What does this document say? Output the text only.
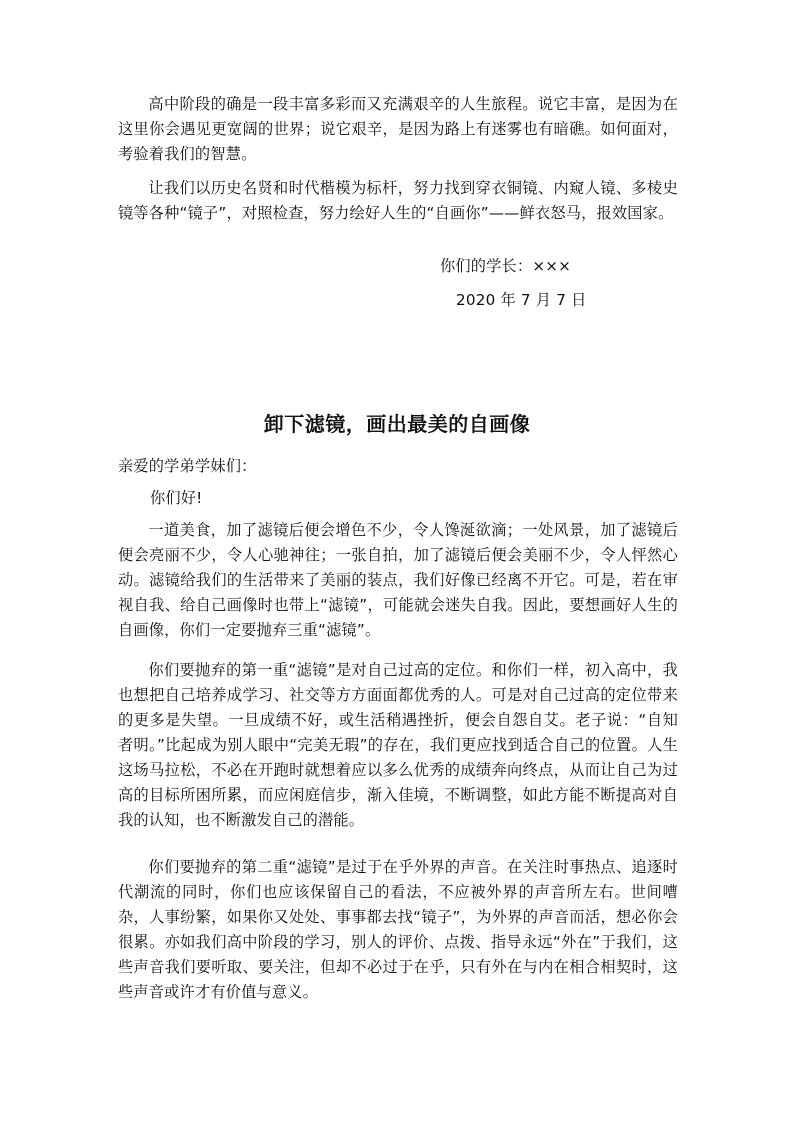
高中阶段的确是一段丰富多彩而又充满艰辛的人生旅程。说它丰富，是因为在这里你会遇见更宽阔的世界；说它艰辛，是因为路上有迷雾也有暗礁。如何面对，考验着我们的智慧。

让我们以历史名贤和时代楷模为标杆，努力找到穿衣铜镜、内窥人镜、多棱史镜等各种“镜子”，对照检查，努力绘好人生的“自画你”——鲜衣怒马，报效国家。

你们的学长：×××
2020 年 7 月 7 日
卸下滤镜，画出最美的自画像
亲爱的学弟学妹们：
你们好!

一道美食，加了滤镜后便会增色不少，令人馋涎欲滴；一处风景，加了滤镜后便会亮丽不少，令人心驰神往；一张自拍，加了滤镜后便会美丽不少，令人怦然心动。滤镜给我们的生活带来了美丽的装点，我们好像已经离不开它。可是，若在审视自我、给自己画像时也带上“滤镜”，可能就会迷失自我。因此，要想画好人生的自画像，你们一定要抛弃三重“滤镜”。

你们要抛弃的第一重“滤镜”是对自己过高的定位。和你们一样，初入高中，我也想把自己培养成学习、社交等方方面面都优秀的人。可是对自己过高的定位带来的更多是失望。一旦成绩不好，或生活稍遇挫折，便会自怨自艾。老子说：“自知者明。”比起成为别人眼中“完美无瑕”的存在，我们更应找到适合自己的位置。人生这场马拉松，不必在开跑时就想着应以多么优秀的成绩奔向终点，从而让自己为过高的目标所困所累，而应闲庭信步，渐入佳境，不断调整，如此方能不断提高对自我的认知，也不断激发自己的潜能。

你们要抛弃的第二重“滤镜”是过于在乎外界的声音。在关注时事热点、追逐时代潮流的同时，你们也应该保留自己的看法，不应被外界的声音所左右。世间嘈杂，人事纷繁，如果你又处处、事事都去找“镜子”，为外界的声音而活，想必你会很累。亦如我们高中阶段的学习，别人的评价、点拨、指导永远“外在”于我们，这些声音我们要听取、要关注，但却不必过于在乎，只有外在与内在相合相契时，这些声音或许才有价值与意义。
